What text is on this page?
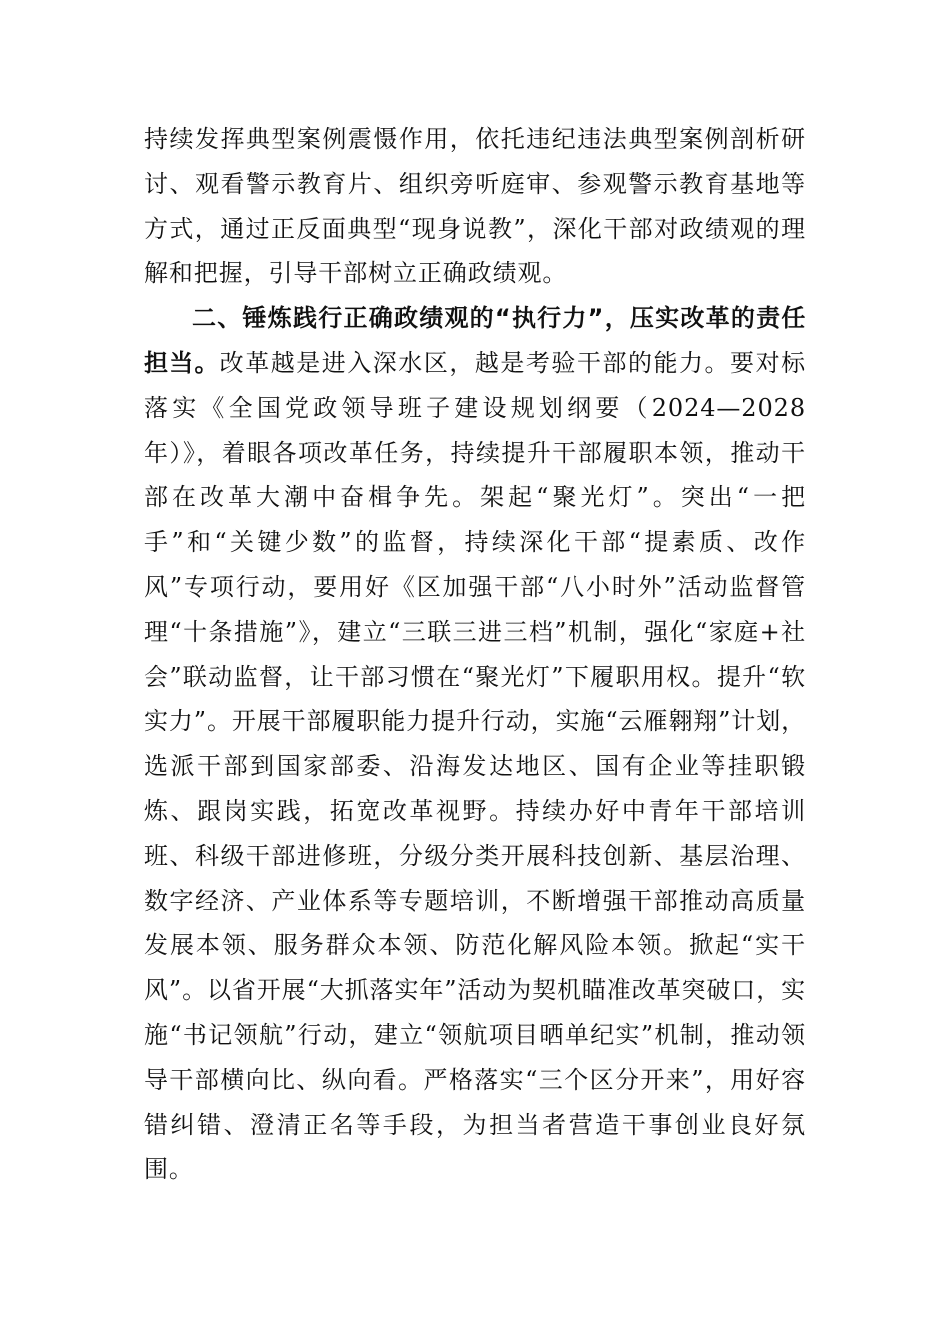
持续发挥典型案例震慑作用，依托违纪违法典型案例剖析研讨、观看警示教育片、组织旁听庭审、参观警示教育基地等方式，通过正反面典型“现身说教”，深化干部对政绩观的理解和把握，引导干部树立正确政绩观。

二、锤炼践行正确政绩观的“执行力”，压实改革的责任担当。改革越是进入深水区，越是考验干部的能力。要对标落实《全国党政领导班子建设规划纲要（2024—2028年）》，着眼各项改革任务，持续提升干部履职本领，推动干部在改革大潮中奋楫争先。架起“聚光灯”。突出“一把手”和“关键少数”的监督，持续深化干部“提素质、改作风”专项行动，要用好《区加强干部“八小时外”活动监督管理“十条措施”》，建立“三联三进三档”机制，强化“家庭+社会”联动监督，让干部习惯在“聚光灯”下履职用权。提升“软实力”。开展干部履职能力提升行动，实施“云雁翱翔”计划，选派干部到国家部委、沿海发达地区、国有企业等挂职锻炼、跟岗实践，拓宽改革视野。持续办好中青年干部培训班、科级干部进修班，分级分类开展科技创新、基层治理、数字经济、产业体系等专题培训，不断增强干部推动高质量发展本领、服务群众本领、防范化解风险本领。掀起“实干风”。以省开展“大抓落实年”活动为契机瞄准改革突破口，实施“书记领航”行动，建立“领航项目晒单纪实”机制，推动领导干部横向比、纵向看。严格落实“三个区分开来”，用好容错纠错、澄清正名等手段，为担当者营造干事创业良好氛围。
